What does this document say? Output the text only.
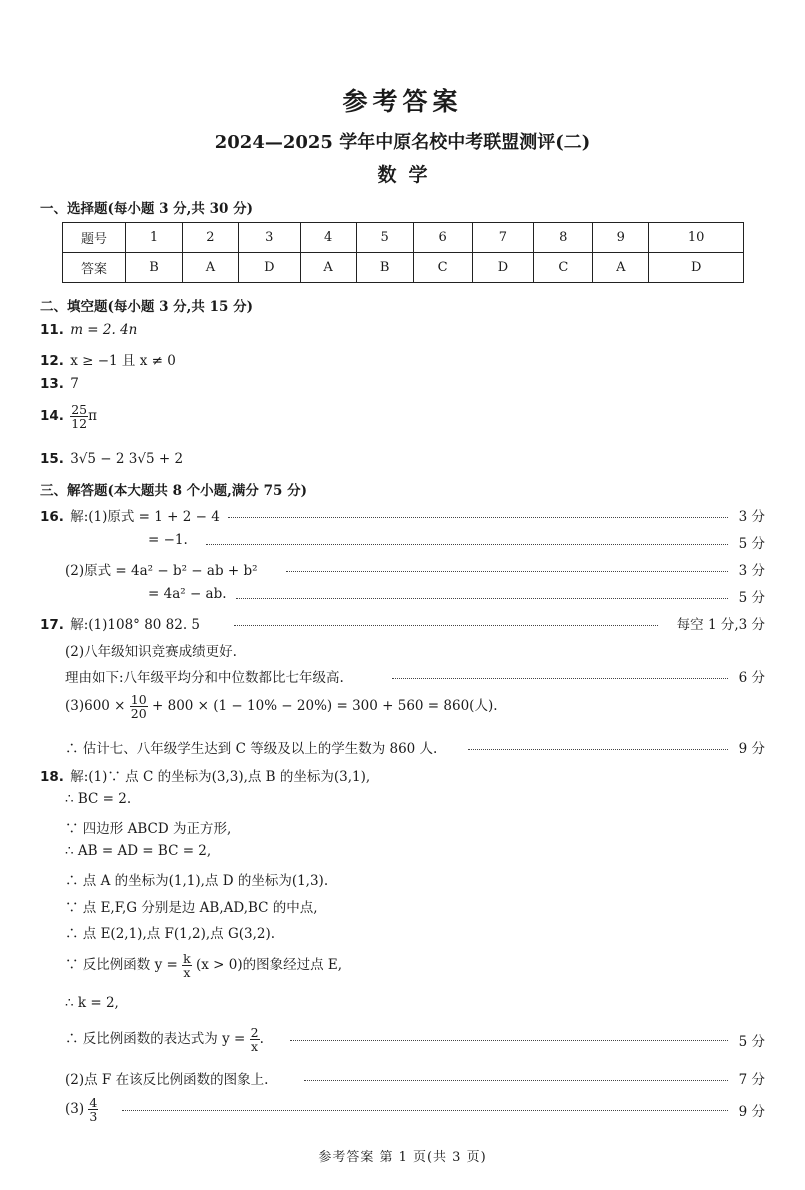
参考答案
2024—2025 学年中原名校中考联盟测评(二)
数学
一、选择题(每小题 3 分,共 30 分)
题号	1	2	3	4	5	6	7	8	9	10
答案	B	A	D	A	B	C	D	C	A	D
二、填空题(每小题 3 分,共 15 分)
11. m = 2. 4n
12. x ≥ −1 且 x ≠ 0
13. 7
14. $\frac{25}{12}$ π
15. 3√5 − 2 3√5 + 2
三、解答题(本大题共 8 个小题,满分 75 分)
16. 解:(1)原式 = 1 + 2 − 4	3 分
= −1.	5 分
(2)原式 = 4a² − b² − ab + b²	3 分
= 4a² − ab.	5 分
17. 解:(1)108° 80 82. 5	每空 1 分,3 分
(2)八年级知识竞赛成绩更好.
理由如下:八年级平均分和中位数都比七年级高.	6 分
$(3)600 \times \frac{10}{20} + 800 \times (1 - 10\% - 20\%) = 300 + 560 = 860$(人).
∴ 估计七、八年级学生达到 C 等级及以上的学生数为 860 人.	9 分
18. 解:(1)∵ 点 C 的坐标为(3,3),点 B 的坐标为(3,1),
∴ BC = 2.
∵ 四边形 ABCD 为正方形,
∴ AB = AD = BC = 2,
∴ 点 A 的坐标为(1,1),点 D 的坐标为(1,3).
∵ 点 E,F,G 分别是边 AB,AD,BC 的中点,
∴ 点 E(2,1),点 F(1,2),点 G(3,2).
∵ 反比例函数 $y = \frac{k}{x} (x > 0)$的图象经过点 E,
∴ k = 2,
∴ 反比例函数的表达式为 $y = \frac{2}{x}$ .	5 分
(2)点 F 在该反比例函数的图象上.	7 分
$(3) \frac{4}{3}$	9 分
参考答案 第 1 页(共 3 页)
